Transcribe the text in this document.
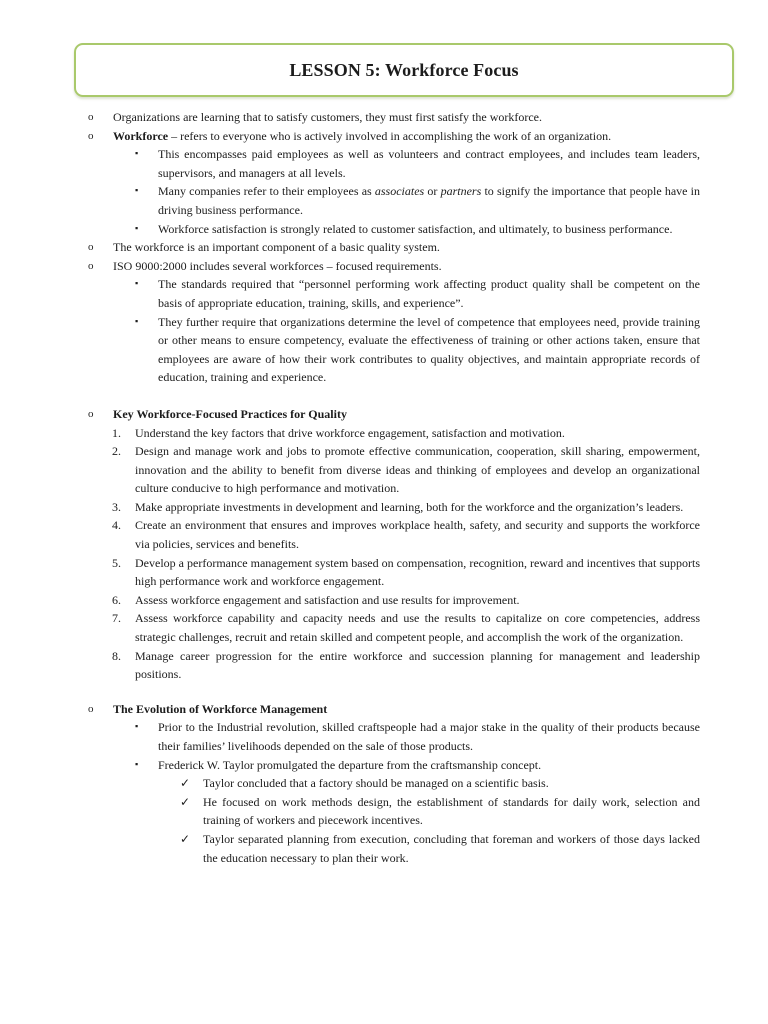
LESSON 5: Workforce Focus
o Organizations are learning that to satisfy customers, they must first satisfy the workforce.
o Workforce – refers to everyone who is actively involved in accomplishing the work of an organization.
▪ This encompasses paid employees as well as volunteers and contract employees, and includes team leaders, supervisors, and managers at all levels.
▪ Many companies refer to their employees as associates or partners to signify the importance that people have in driving business performance.
▪ Workforce satisfaction is strongly related to customer satisfaction, and ultimately, to business performance.
o The workforce is an important component of a basic quality system.
o ISO 9000:2000 includes several workforces – focused requirements.
▪ The standards required that “personnel performing work affecting product quality shall be competent on the basis of appropriate education, training, skills, and experience”.
▪ They further require that organizations determine the level of competence that employees need, provide training or other means to ensure competency, evaluate the effectiveness of training or other actions taken, ensure that employees are aware of how their work contributes to quality objectives, and maintain appropriate records of education, training and experience.
o Key Workforce-Focused Practices for Quality
1. Understand the key factors that drive workforce engagement, satisfaction and motivation.
2. Design and manage work and jobs to promote effective communication, cooperation, skill sharing, empowerment, innovation and the ability to benefit from diverse ideas and thinking of employees and develop an organizational culture conducive to high performance and motivation.
3. Make appropriate investments in development and learning, both for the workforce and the organization’s leaders.
4. Create an environment that ensures and improves workplace health, safety, and security and supports the workforce via policies, services and benefits.
5. Develop a performance management system based on compensation, recognition, reward and incentives that supports high performance work and workforce engagement.
6. Assess workforce engagement and satisfaction and use results for improvement.
7. Assess workforce capability and capacity needs and use the results to capitalize on core competencies, address strategic challenges, recruit and retain skilled and competent people, and accomplish the work of the organization.
8. Manage career progression for the entire workforce and succession planning for management and leadership positions.
o The Evolution of Workforce Management
▪ Prior to the Industrial revolution, skilled craftspeople had a major stake in the quality of their products because their families’ livelihoods depended on the sale of those products.
▪ Frederick W. Taylor promulgated the departure from the craftsmanship concept.
✓ Taylor concluded that a factory should be managed on a scientific basis.
✓ He focused on work methods design, the establishment of standards for daily work, selection and training of workers and piecework incentives.
✓ Taylor separated planning from execution, concluding that foreman and workers of those days lacked the education necessary to plan their work.
